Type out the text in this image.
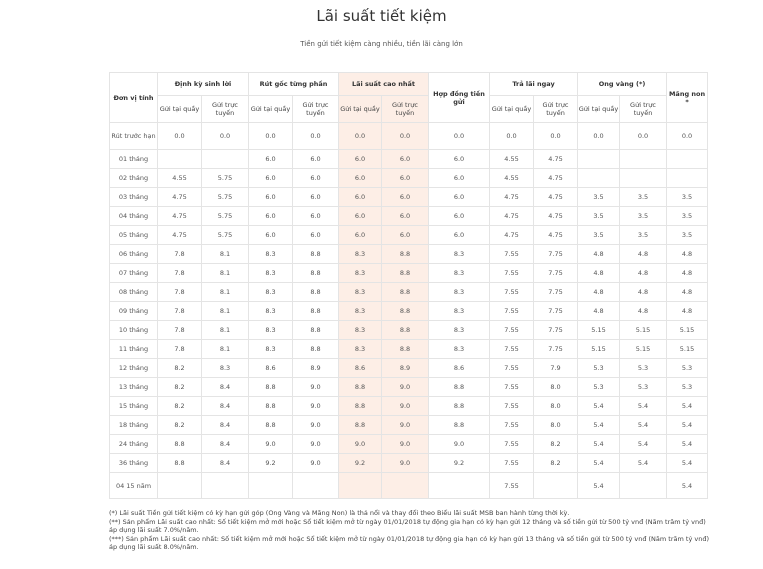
Lãi suất tiết kiệm
Tiền gửi tiết kiệm càng nhiều, tiền lãi càng lớn
Đơn vị tính	Định kỳ sinh lời		Rút gốc từng phần		Lãi suất cao nhất		Hợp đồng tiền gửi	Trả lãi ngay		Ong vàng (*)		Măng non *
	Gửi tại quầy	Gửi trực tuyến	Gửi tại quầy	Gửi trực tuyến	Gửi tại quầy	Gửi trực tuyến		Gửi tại quầy	Gửi trực tuyến	Gửi tại quầy	Gửi trực tuyến	
Rút trước hạn	0.0	0.0	0.0	0.0	0.0	0.0	0.0	0.0	0.0	0.0	0.0	0.0
01 tháng			6.0	6.0	6.0	6.0	6.0	4.55	4.75			
02 tháng	4.55	5.75	6.0	6.0	6.0	6.0	6.0	4.55	4.75			
03 tháng	4.75	5.75	6.0	6.0	6.0	6.0	6.0	4.75	4.75	3.5	3.5	3.5
04 tháng	4.75	5.75	6.0	6.0	6.0	6.0	6.0	4.75	4.75	3.5	3.5	3.5
05 tháng	4.75	5.75	6.0	6.0	6.0	6.0	6.0	4.75	4.75	3.5	3.5	3.5
06 tháng	7.8	8.1	8.3	8.8	8.3	8.8	8.3	7.55	7.75	4.8	4.8	4.8
07 tháng	7.8	8.1	8.3	8.8	8.3	8.8	8.3	7.55	7.75	4.8	4.8	4.8
08 tháng	7.8	8.1	8.3	8.8	8.3	8.8	8.3	7.55	7.75	4.8	4.8	4.8
09 tháng	7.8	8.1	8.3	8.8	8.3	8.8	8.3	7.55	7.75	4.8	4.8	4.8
10 tháng	7.8	8.1	8.3	8.8	8.3	8.8	8.3	7.55	7.75	5.15	5.15	5.15
11 tháng	7.8	8.1	8.3	8.8	8.3	8.8	8.3	7.55	7.75	5.15	5.15	5.15
12 tháng	8.2	8.3	8.6	8.9	8.6	8.9	8.6	7.55	7.9	5.3	5.3	5.3
13 tháng	8.2	8.4	8.8	9.0	8.8	9.0	8.8	7.55	8.0	5.3	5.3	5.3
15 tháng	8.2	8.4	8.8	9.0	8.8	9.0	8.8	7.55	8.0	5.4	5.4	5.4
18 tháng	8.2	8.4	8.8	9.0	8.8	9.0	8.8	7.55	8.0	5.4	5.4	5.4
24 tháng	8.8	8.4	9.0	9.0	9.0	9.0	9.0	7.55	8.2	5.4	5.4	5.4
36 tháng	8.8	8.4	9.2	9.0	9.2	9.0	9.2	7.55	8.2	5.4	5.4	5.4
04 15 năm								7.55		5.4		5.4
(*) Lãi suất Tiền gửi tiết kiệm có kỳ hạn gửi góp (Ong Vàng và Măng Non) là thả nổi và thay đổi theo Biểu lãi suất MSB ban hành từng thời kỳ.
(**) Sản phẩm Lãi suất cao nhất: Số tiết kiệm mở mới hoặc Sổ tiết kiệm mở từ ngày 01/01/2018 tự động gia hạn có kỳ hạn gửi 12 tháng và số tiền gửi từ 500 tỷ vnđ (Năm trăm tỷ vnđ) áp dụng lãi suất 7.0%/năm.
(***) Sản phẩm Lãi suất cao nhất: Số tiết kiệm mở mới hoặc Sổ tiết kiệm mở từ ngày 01/01/2018 tự động gia hạn có kỳ hạn gửi 13 tháng và số tiền gửi từ 500 tỷ vnđ (Năm trăm tỷ vnđ) áp dụng lãi suất 8.0%/năm.
